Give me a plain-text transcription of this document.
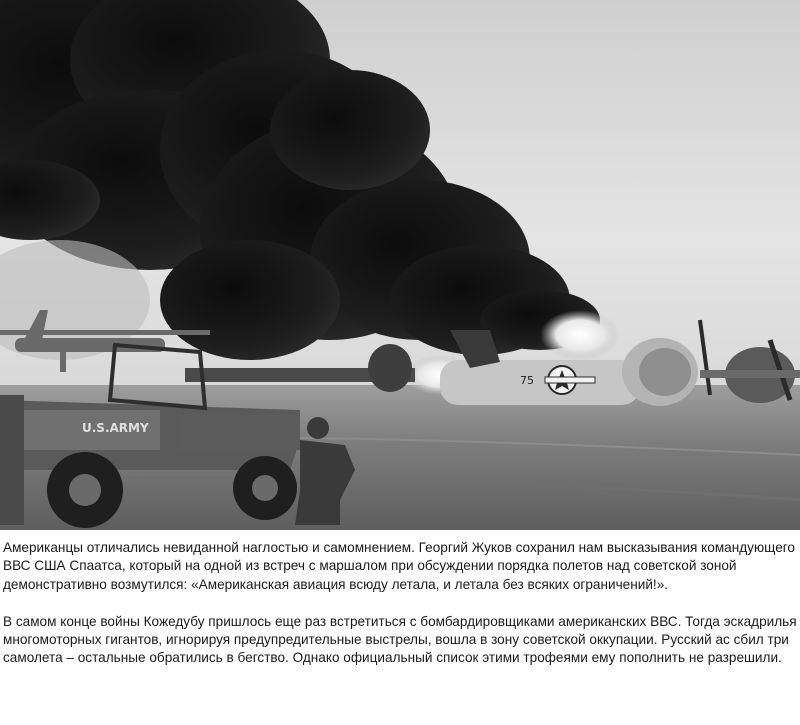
75
U.S.ARMY

Американцы отличались невиданной наглостью и самомнением. Георгий Жуков сохранил нам высказывания командующего ВВС США Спаатса, который на одной из встреч с маршалом при обсуждении порядка полетов над советской зоной демонстративно возмутился: «Американская авиация всюду летала, и летала без всяких ограничений!».

В самом конце войны Кожедубу пришлось еще раз встретиться с бомбардировщиками американских ВВС. Тогда эскадрилья многомоторных гигантов, игнорируя предупредительные выстрелы, вошла в зону советской оккупации. Русский ас сбил три самолета – остальные обратились в бегство. Однако официальный список этими трофеями ему пополнить не разрешили.
